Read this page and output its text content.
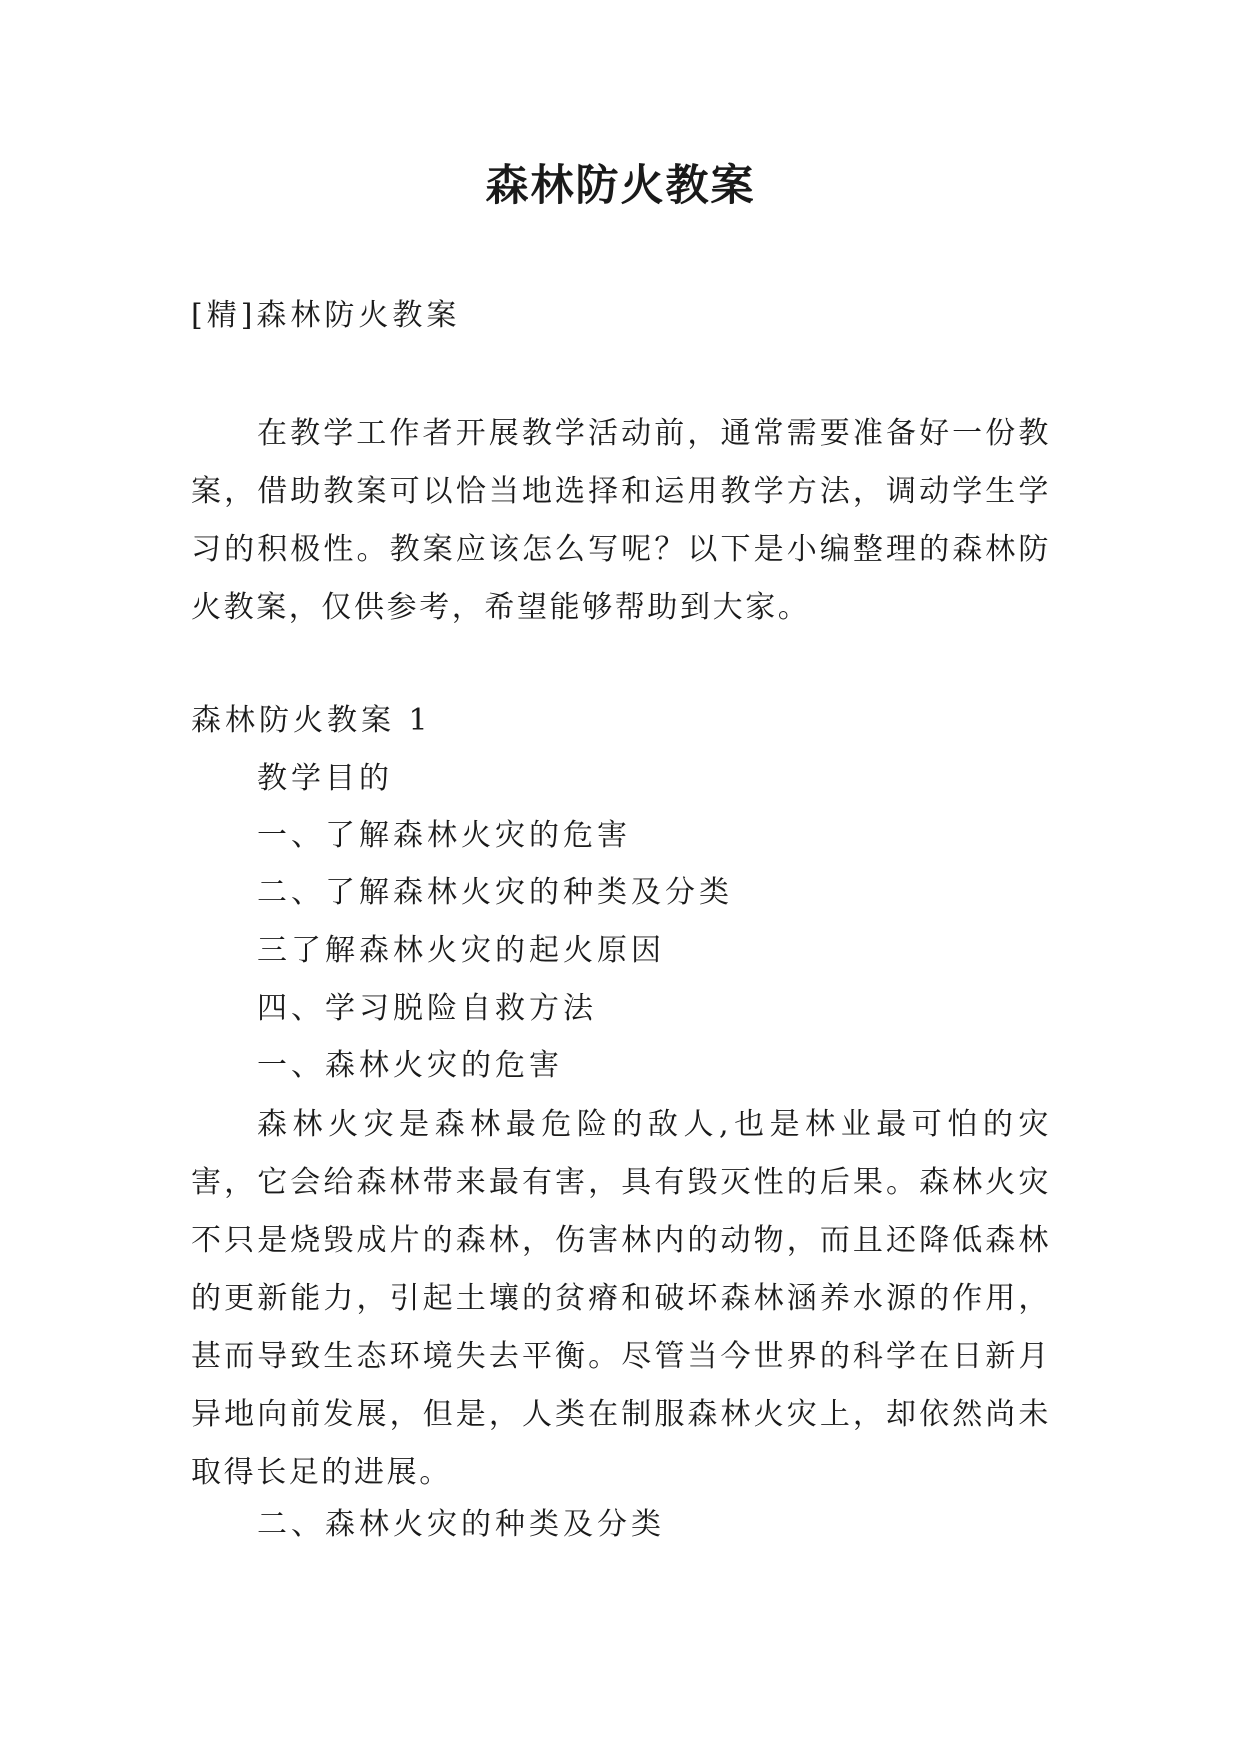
森林防火教案
[精]森林防火教案
在教学工作者开展教学活动前，通常需要准备好一份教案，借助教案可以恰当地选择和运用教学方法，调动学生学习的积极性。教案应该怎么写呢？以下是小编整理的森林防火教案，仅供参考，希望能够帮助到大家。
森林防火教案 1
教学目的
一、了解森林火灾的危害
二、了解森林火灾的种类及分类
三了解森林火灾的起火原因
四、学习脱险自救方法
一、森林火灾的危害
森林火灾是森林最危险的敌人,也是林业最可怕的灾害，它会给森林带来最有害，具有毁灭性的后果。森林火灾不只是烧毁成片的森林，伤害林内的动物，而且还降低森林的更新能力，引起土壤的贫瘠和破坏森林涵养水源的作用，甚而导致生态环境失去平衡。尽管当今世界的科学在日新月异地向前发展，但是，人类在制服森林火灾上，却依然尚未取得长足的进展。
二、森林火灾的种类及分类
